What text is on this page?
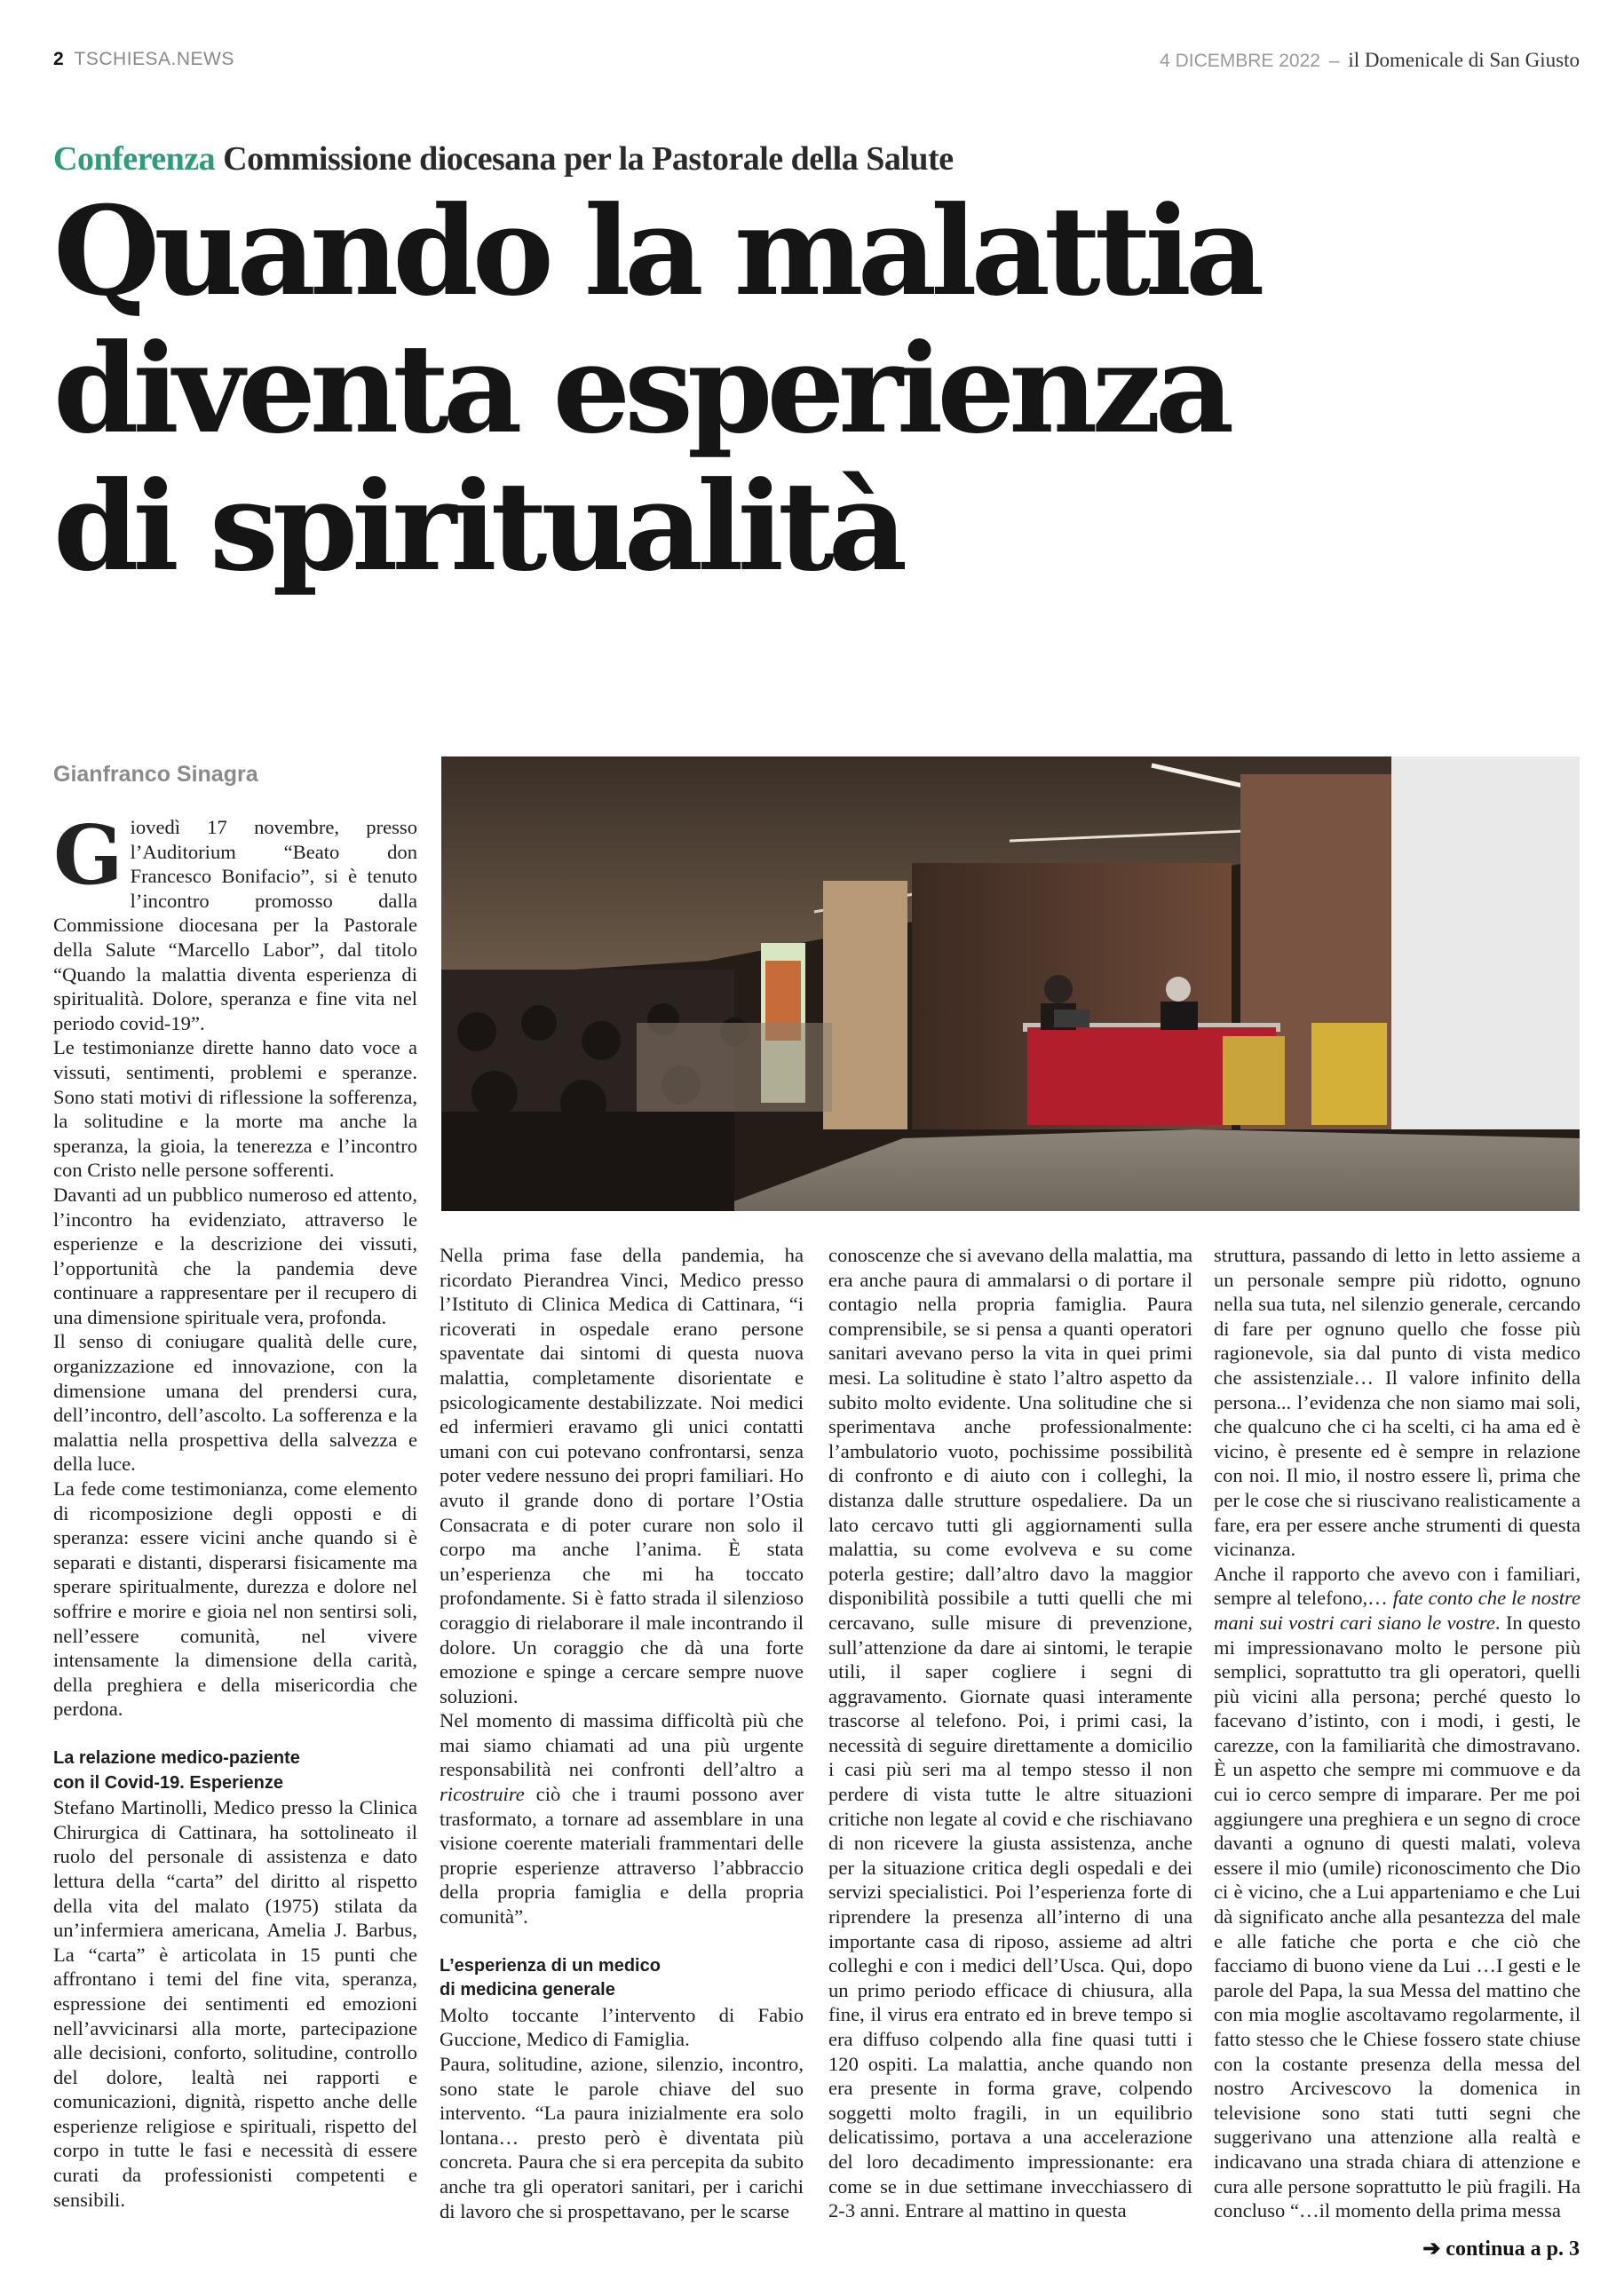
2 TSCHIESA.NEWS	4 DICEMBRE 2022 – il Domenicale di San Giusto
Conferenza Commissione diocesana per la Pastorale della Salute
Quando la malattia
diventa esperienza
di spiritualità
Gianfranco Sinagra

Giovedì 17 novembre, presso l’Auditorium “Beato don Francesco Bonifacio”, si è tenuto l’incontro promosso dalla Commissione diocesana per la Pastorale della Salute “Marcello Labor”, dal titolo “Quando la malattia diventa esperienza di spiritualità. Dolore, speranza e fine vita nel periodo covid-19”.

Le testimonianze dirette hanno dato voce a vissuti, sentimenti, problemi e speranze. Sono stati motivi di riflessione la sofferenza, la solitudine e la morte ma anche la speranza, la gioia, la tenerezza e l’incontro con Cristo nelle persone sofferenti.

Davanti ad un pubblico numeroso ed attento, l’incontro ha evidenziato, attraverso le esperienze e la descrizione dei vissuti, l’opportunità che la pandemia deve continuare a rappresentare per il recupero di una dimensione spirituale vera, profonda.

Il senso di coniugare qualità delle cure, organizzazione ed innovazione, con la dimensione umana del prendersi cura, dell’incontro, dell’ascolto. La sofferenza e la malattia nella prospettiva della salvezza e della luce.

La fede come testimonianza, come elemento di ricomposizione degli opposti e di speranza: essere vicini anche quando si è separati e distanti, disperarsi fisicamente ma sperare spiritualmente, durezza e dolore nel soffrire e morire e gioia nel non sentirsi soli, nell’essere comunità, nel vivere intensamente la dimensione della carità, della preghiera e della misericordia che perdona.

La relazione medico-paziente
con il Covid-19. Esperienze

Stefano Martinolli, Medico presso la Clinica Chirurgica di Cattinara, ha sottolineato il ruolo del personale di assistenza e dato lettura della “carta” del diritto al rispetto della vita del malato (1975) stilata da un’infermiera americana, Amelia J. Barbus, La “carta” è articolata in 15 punti che affrontano i temi del fine vita, speranza, espressione dei sentimenti ed emozioni nell’avvicinarsi alla morte, partecipazione alle decisioni, conforto, solitudine, controllo del dolore, lealtà nei rapporti e comunicazioni, dignità, rispetto anche delle esperienze religiose e spirituali, rispetto del corpo in tutte le fasi e necessità di essere curati da professionisti competenti e sensibili.

Nella prima fase della pandemia, ha ricordato Pierandrea Vinci, Medico presso l’Istituto di Clinica Medica di Cattinara, “i ricoverati in ospedale erano persone spaventate dai sintomi di questa nuova malattia, completamente disorientate e psicologicamente destabilizzate. Noi medici ed infermieri eravamo gli unici contatti umani con cui potevano confrontarsi, senza poter vedere nessuno dei propri familiari. Ho avuto il grande dono di portare l’Ostia Consacrata e di poter curare non solo il corpo ma anche l’anima. È stata un’esperienza che mi ha toccato profondamente. Si è fatto strada il silenzioso coraggio di rielaborare il male incontrando il dolore. Un coraggio che dà una forte emozione e spinge a cercare sempre nuove soluzioni.

Nel momento di massima difficoltà più che mai siamo chiamati ad una più urgente responsabilità nei confronti dell’altro a ricostruire ciò che i traumi possono aver trasformato, a tornare ad assemblare in una visione coerente materiali frammentari delle proprie esperienze attraverso l’abbraccio della propria famiglia e della propria comunità”.

L’esperienza di un medico
di medicina generale

Molto toccante l’intervento di Fabio Guccione, Medico di Famiglia.

Paura, solitudine, azione, silenzio, incontro, sono state le parole chiave del suo intervento. “La paura inizialmente era solo lontana… presto però è diventata più concreta. Paura che si era percepita da subito anche tra gli operatori sanitari, per i carichi di lavoro che si prospettavano, per le scarse

conoscenze che si avevano della malattia, ma era anche paura di ammalarsi o di portare il contagio nella propria famiglia. Paura comprensibile, se si pensa a quanti operatori sanitari avevano perso la vita in quei primi mesi. La solitudine è stato l’altro aspetto da subito molto evidente. Una solitudine che si sperimentava anche professionalmente: l’ambulatorio vuoto, pochissime possibilità di confronto e di aiuto con i colleghi, la distanza dalle strutture ospedaliere. Da un lato cercavo tutti gli aggiornamenti sulla malattia, su come evolveva e su come poterla gestire; dall’altro davo la maggior disponibilità possibile a tutti quelli che mi cercavano, sulle misure di prevenzione, sull’attenzione da dare ai sintomi, le terapie utili, il saper cogliere i segni di aggravamento. Giornate quasi interamente trascorse al telefono. Poi, i primi casi, la necessità di seguire direttamente a domicilio i casi più seri ma al tempo stesso il non perdere di vista tutte le altre situazioni critiche non legate al covid e che rischiavano di non ricevere la giusta assistenza, anche per la situazione critica degli ospedali e dei servizi specialistici. Poi l’esperienza forte di riprendere la presenza all’interno di una importante casa di riposo, assieme ad altri colleghi e con i medici dell’Usca. Qui, dopo un primo periodo efficace di chiusura, alla fine, il virus era entrato ed in breve tempo si era diffuso colpendo alla fine quasi tutti i 120 ospiti. La malattia, anche quando non era presente in forma grave, colpendo soggetti molto fragili, in un equilibrio delicatissimo, portava a una accelerazione del loro decadimento impressionante: era come se in due settimane invecchiassero di 2-3 anni. Entrare al mattino in questa

struttura, passando di letto in letto assieme a un personale sempre più ridotto, ognuno nella sua tuta, nel silenzio generale, cercando di fare per ognuno quello che fosse più ragionevole, sia dal punto di vista medico che assistenziale… Il valore infinito della persona... l’evidenza che non siamo mai soli, che qualcuno che ci ha scelti, ci ha ama ed è vicino, è presente ed è sempre in relazione con noi. Il mio, il nostro essere lì, prima che per le cose che si riuscivano realisticamente a fare, era per essere anche strumenti di questa vicinanza.

Anche il rapporto che avevo con i familiari, sempre al telefono,… fate conto che le nostre mani sui vostri cari siano le vostre. In questo mi impressionavano molto le persone più semplici, soprattutto tra gli operatori, quelli più vicini alla persona; perché questo lo facevano d’istinto, con i modi, i gesti, le carezze, con la familiarità che dimostravano. È un aspetto che sempre mi commuove e da cui io cerco sempre di imparare. Per me poi aggiungere una preghiera e un segno di croce davanti a ognuno di questi malati, voleva essere il mio (umile) riconoscimento che Dio ci è vicino, che a Lui apparteniamo e che Lui dà significato anche alla pesantezza del male e alle fatiche che porta e che ciò che facciamo di buono viene da Lui …I gesti e le parole del Papa, la sua Messa del mattino che con mia moglie ascoltavamo regolarmente, il fatto stesso che le Chiese fossero state chiuse con la costante presenza della messa del nostro Arcivescovo la domenica in televisione sono stati tutti segni che suggerivano una attenzione alla realtà e indicavano una strada chiara di attenzione e cura alle persone soprattutto le più fragili. Ha concluso “…il momento della prima messa

➔ continua a p. 3
